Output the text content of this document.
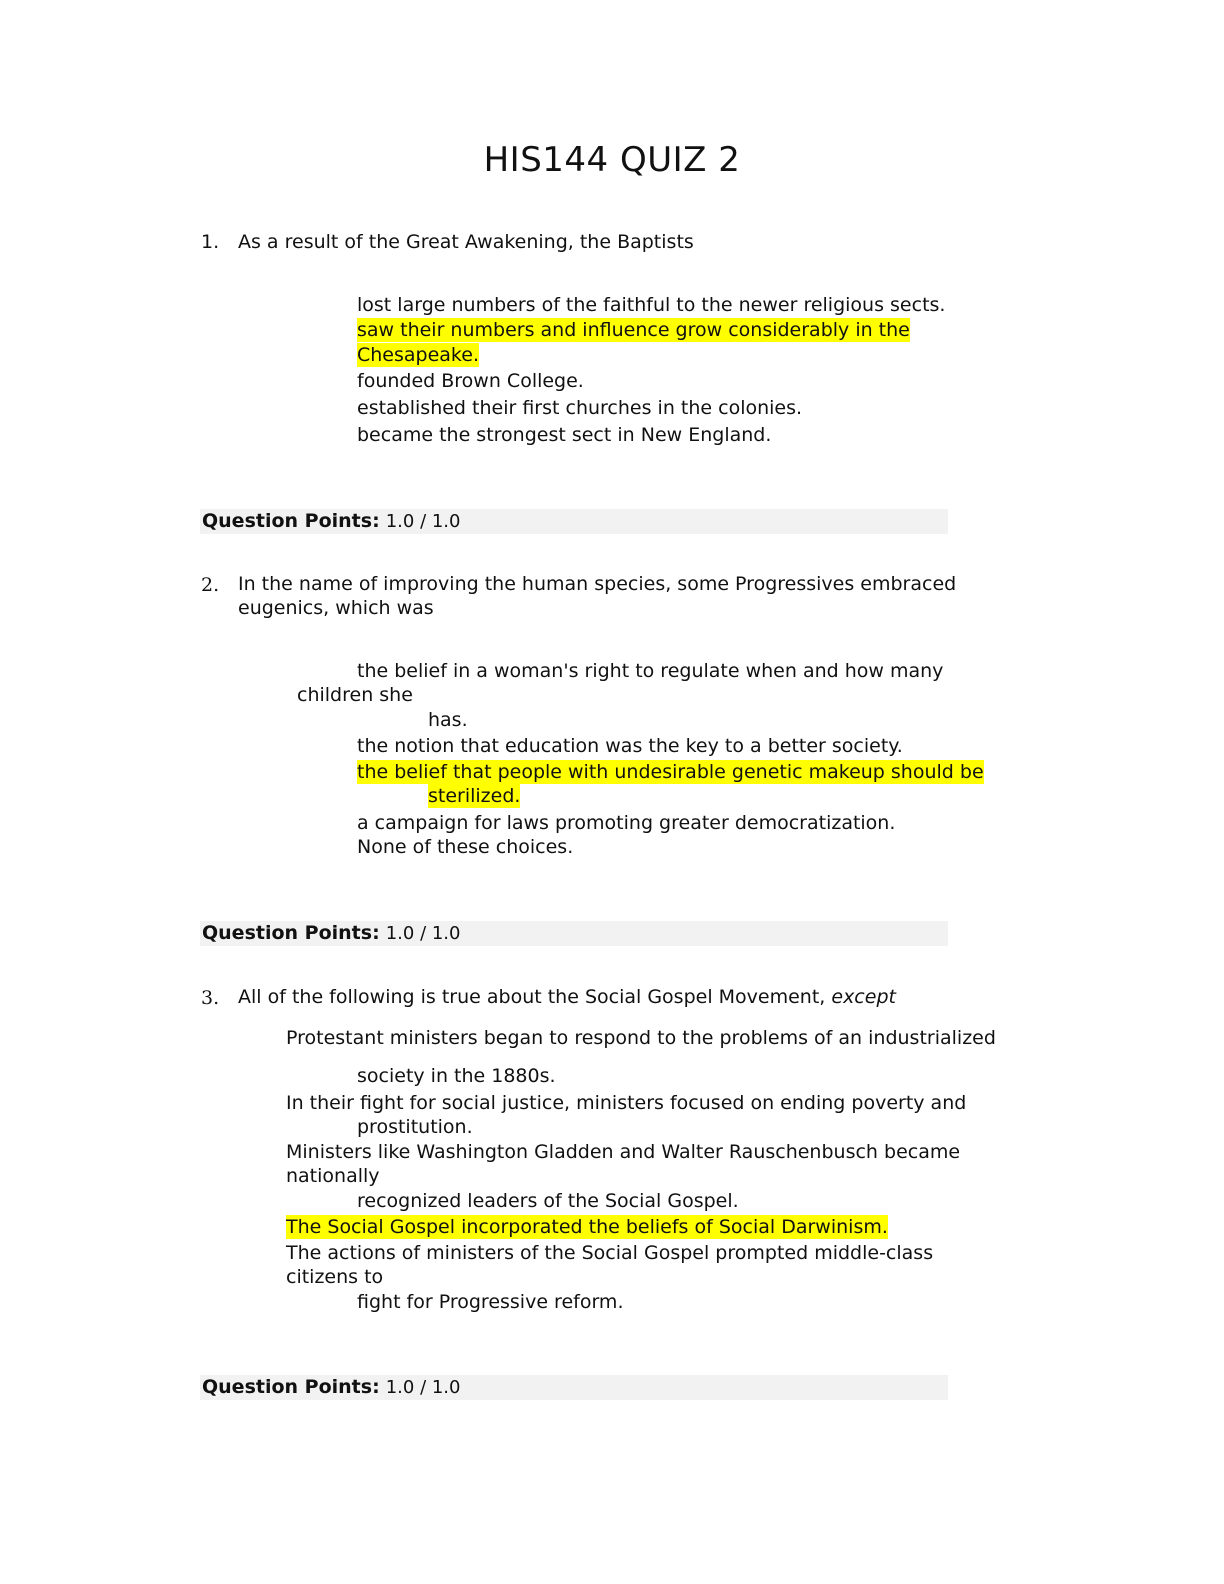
HIS144 QUIZ 2
1. As a result of the Great Awakening, the Baptists
lost large numbers of the faithful to the newer religious sects.
saw their numbers and influence grow considerably in the
Chesapeake.
founded Brown College.
established their first churches in the colonies.
became the strongest sect in New England.
Question Points: 1.0 / 1.0
2. In the name of improving the human species, some Progressives embraced
eugenics, which was
the belief in a woman's right to regulate when and how many
children she
has.
the notion that education was the key to a better society.
the belief that people with undesirable genetic makeup should be
sterilized.
a campaign for laws promoting greater democratization.
None of these choices.
Question Points: 1.0 / 1.0
3. All of the following is true about the Social Gospel Movement, except
Protestant ministers began to respond to the problems of an industrialized
society in the 1880s.
In their fight for social justice, ministers focused on ending poverty and
prostitution.
Ministers like Washington Gladden and Walter Rauschenbusch became
nationally
recognized leaders of the Social Gospel.
The Social Gospel incorporated the beliefs of Social Darwinism.
The actions of ministers of the Social Gospel prompted middle-class
citizens to
fight for Progressive reform.
Question Points: 1.0 / 1.0
